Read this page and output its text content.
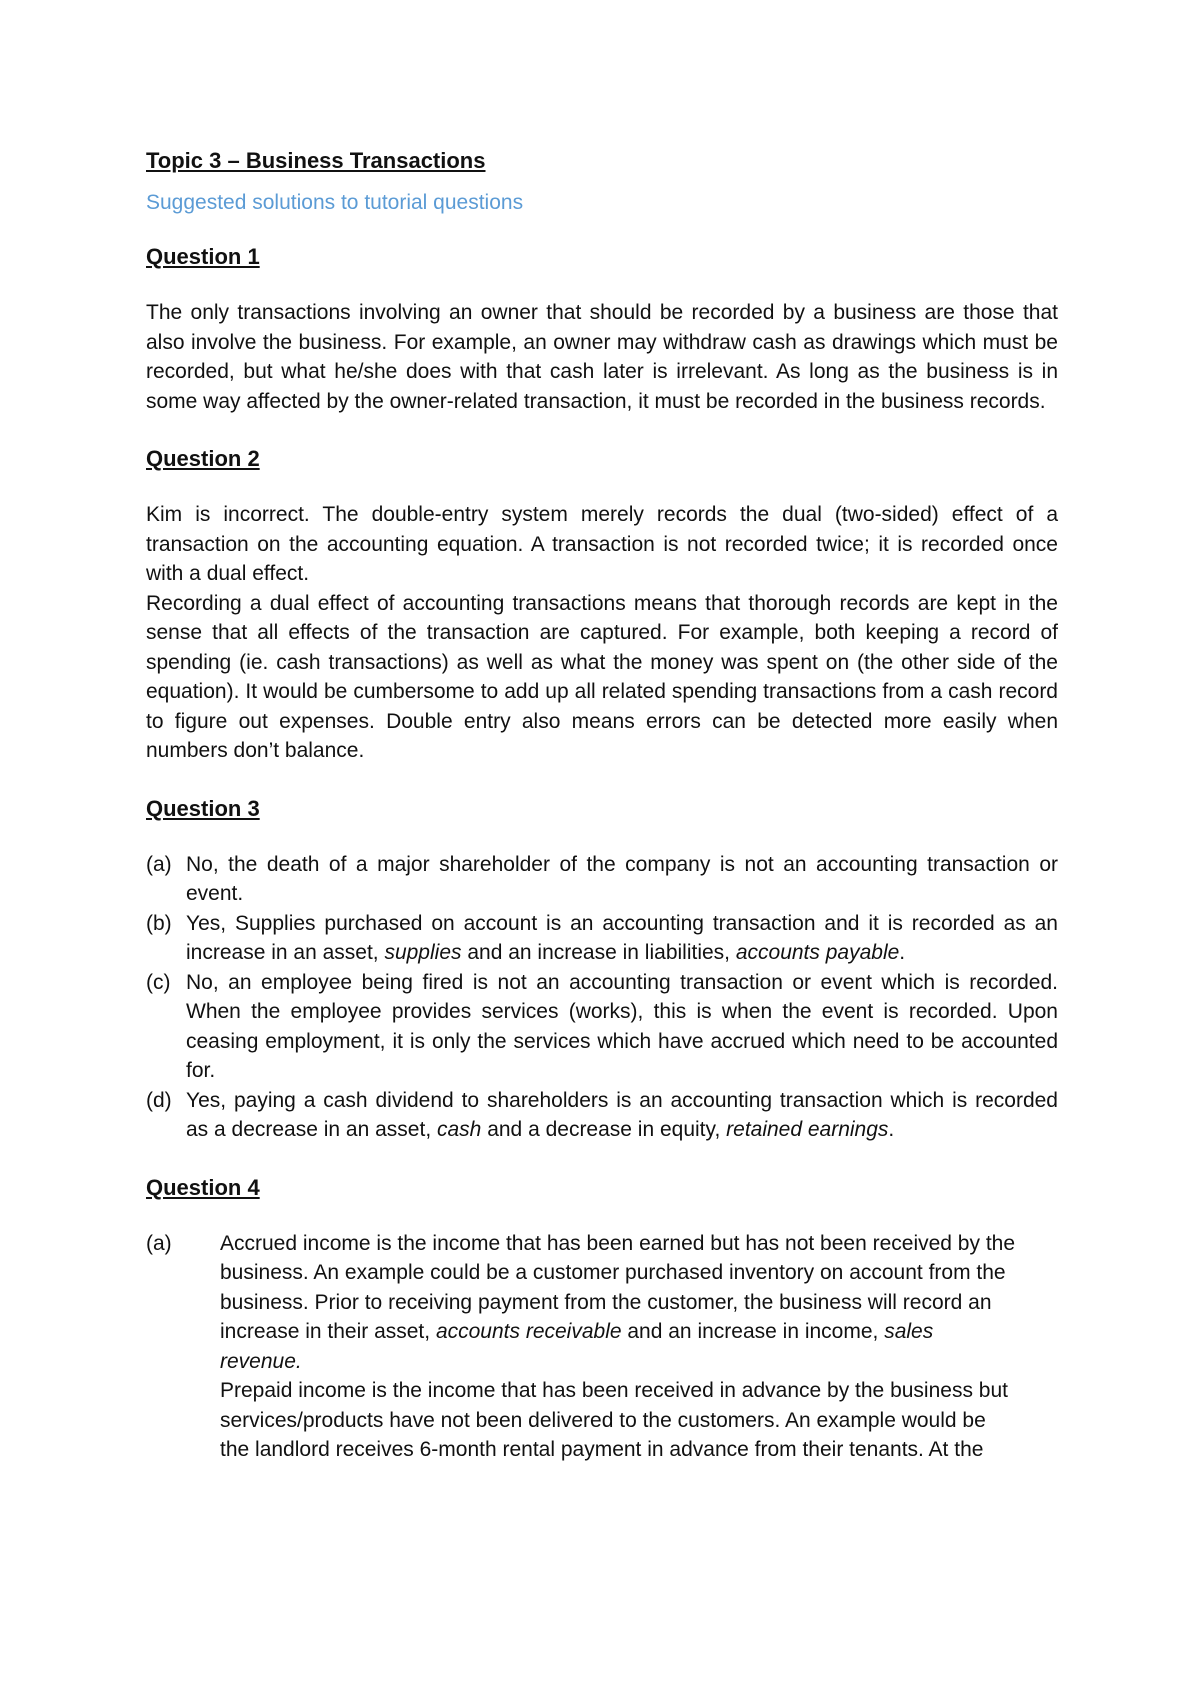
Topic 3 – Business Transactions
Suggested solutions to tutorial questions
Question 1

The only transactions involving an owner that should be recorded by a business are those that also involve the business. For example, an owner may withdraw cash as drawings which must be recorded, but what he/she does with that cash later is irrelevant. As long as the business is in some way affected by the owner-related transaction, it must be recorded in the business records.

Question 2

Kim is incorrect. The double-entry system merely records the dual (two-sided) effect of a transaction on the accounting equation. A transaction is not recorded twice; it is recorded once with a dual effect.

Recording a dual effect of accounting transactions means that thorough records are kept in the sense that all effects of the transaction are captured. For example, both keeping a record of spending (ie. cash transactions) as well as what the money was spent on (the other side of the equation). It would be cumbersome to add up all related spending transactions from a cash record to figure out expenses. Double entry also means errors can be detected more easily when numbers don’t balance.

Question 3
(a) No, the death of a major shareholder of the company is not an accounting transaction or event.
(b) Yes, Supplies purchased on account is an accounting transaction and it is recorded as an increase in an asset, supplies and an increase in liabilities, accounts payable.
(c) No, an employee being fired is not an accounting transaction or event which is recorded. When the employee provides services (works), this is when the event is recorded. Upon ceasing employment, it is only the services which have accrued which need to be accounted for.
(d) Yes, paying a cash dividend to shareholders is an accounting transaction which is recorded as a decrease in an asset, cash and a decrease in equity, retained earnings.
Question 4
(a)	Accrued income is the income that has been earned but has not been received by the business. An example could be a customer purchased inventory on account from the business. Prior to receiving payment from the customer, the business will record an increase in their asset, accounts receivable and an increase in income, sales revenue.

Prepaid income is the income that has been received in advance by the business but services/products have not been delivered to the customers. An example would be the landlord receives 6-month rental payment in advance from their tenants. At the
